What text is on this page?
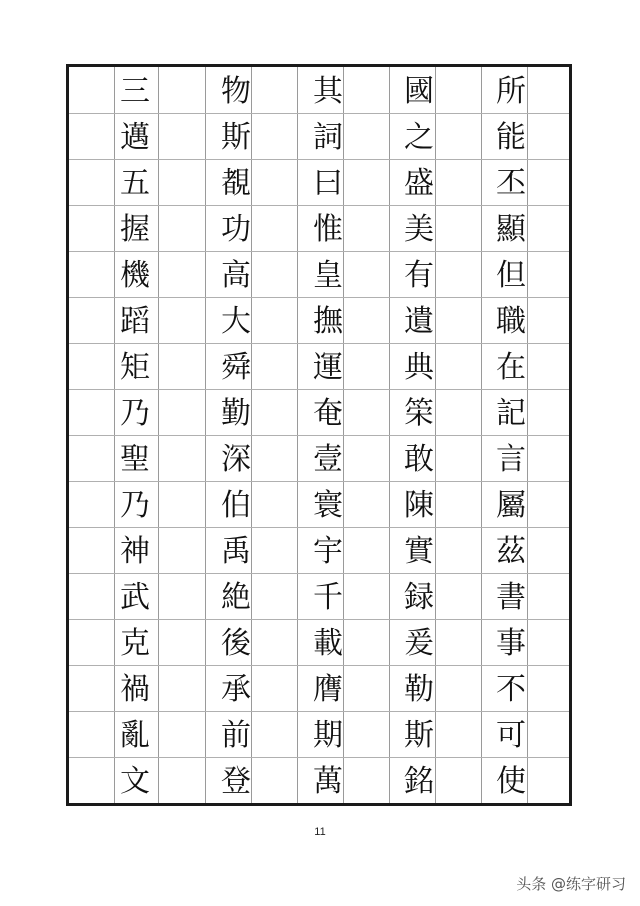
所
能
丕
顯
但
職
在
記
言
屬
茲
書
事
不
可
使
國
之
盛
美
有
遺
典
筞
敢
陳
實
録
爰
勒
斯
銘
其
詞
曰
惟
皇
撫
運
奄
壹
寰
宇
千
載
膺
期
萬
物
斯
覩
功
高
大
舜
勤
深
伯
禹
絶
後
承
前
登
三
邁
五
握
機
蹈
矩
乃
聖
乃
神
武
克
禍
亂
文
11
头条 @练字研习
